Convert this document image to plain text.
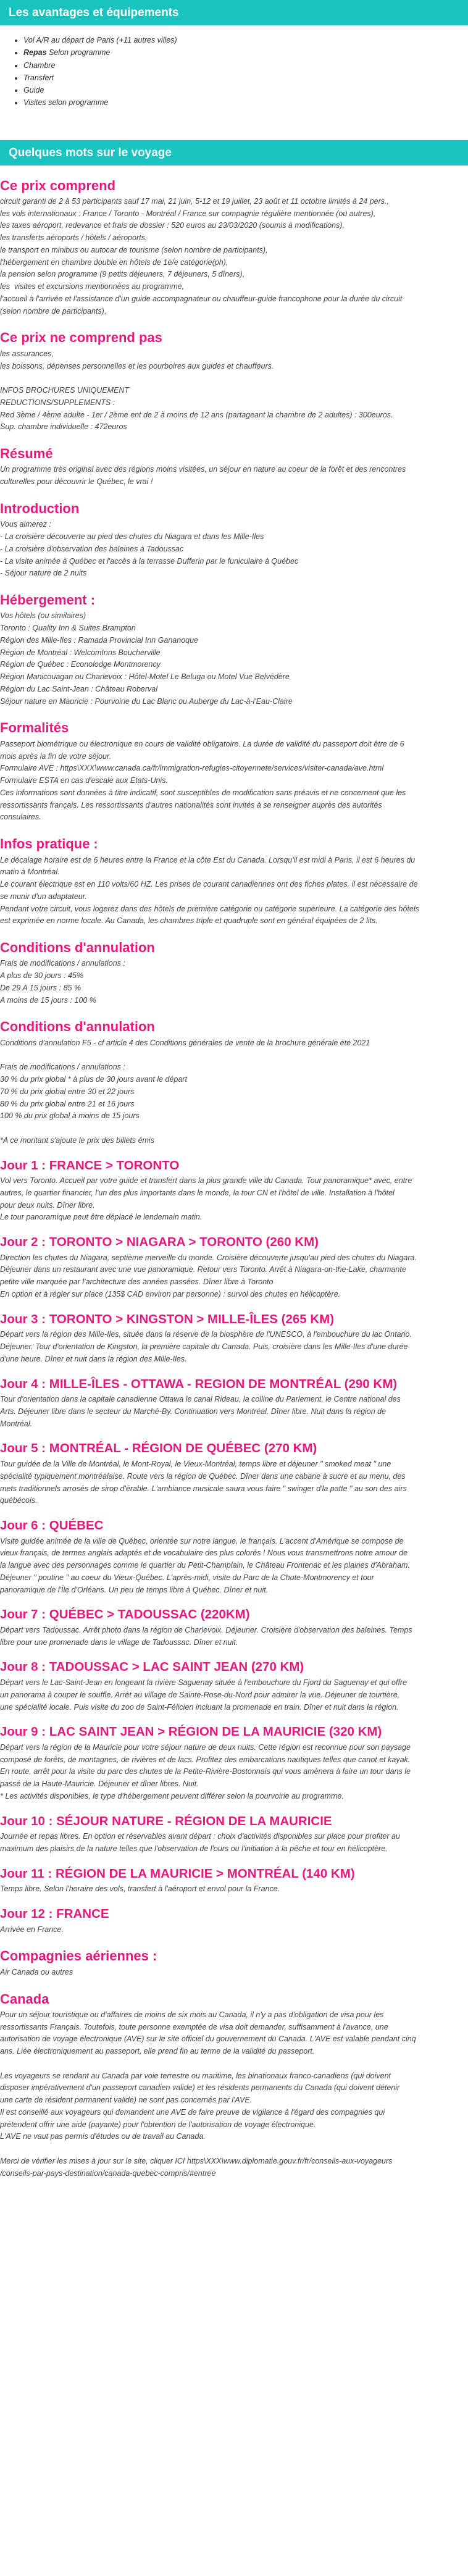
Les avantages et équipements
• Vol A/R au départ de Paris (+11 autres villes)
• Repas Selon programme
• Chambre
• Transfert
• Guide
• Visites selon programme
Quelques mots sur le voyage
Ce prix comprend
circuit garanti de 2 à 53 participants sauf 17 mai, 21 juin, 5-12 et 19 juillet, 23 août et 11 octobre limités à 24 pers.,
les vols internationaux : France / Toronto - Montréal / France sur compagnie régulière mentionnée (ou autres),
les taxes aéroport, redevance et frais de dossier : 520 euros au 23/03/2020 (soumis à modifications),
les transferts aéroports / hôtels / aéroports,
le transport en minibus ou autocar de tourisme (selon nombre de participants),
l'hébergement en chambre double en hôtels de 1è/e catégorie(ph),
la pension selon programme (9 petits déjeuners, 7 déjeuners, 5 dîners),
les  visites et excursions mentionnées au programme,
l'accueil à l'arrivée et l'assistance d'un guide accompagnateur ou chauffeur-guide francophone pour la durée du circuit
(selon nombre de participants),
Ce prix ne comprend pas
les assurances,
les boissons, dépenses personnelles et les pourboires aux guides et chauffeurs.

INFOS BROCHURES UNIQUEMENT
REDUCTIONS/SUPPLEMENTS :
Red 3ème / 4ème adulte - 1er / 2ème ent de 2 à moins de 12 ans (partageant la chambre de 2 adultes) : 300euros.
Sup. chambre individuelle : 472euros
Résumé
Un programme très original avec des régions moins visitées, un séjour en nature au coeur de la forêt et des rencontres
culturelles pour découvrir le Québec, le vrai !
Introduction
Vous aimerez :
- La croisière découverte au pied des chutes du Niagara et dans les Mille-Iles
- La croisière d'observation des baleines à Tadoussac
- La visite animée à Québec et l'accès à la terrasse Dufferin par le funiculaire à Québec
- Séjour nature de 2 nuits
Hébergement :
Vos hôtels (ou similaires)
Toronto : Quality Inn & Suites Brampton
Région des Mille-Iles : Ramada Provincial Inn Gananoque
Région de Montréal : WelcomInns Boucherville
Région de Québec : Econolodge Montmorency
Région Manicouagan ou Charlevoix : Hôtel-Motel Le Beluga ou Motel Vue Belvédère
Région du Lac Saint-Jean : Château Roberval
Séjour nature en Mauricie : Pourvoirie du Lac Blanc ou Auberge du Lac-à-l'Eau-Claire
Formalités
Passeport biométrique ou électronique en cours de validité obligatoire. La durée de validité du passeport doit être de 6
mois après la fin de votre séjour.
Formulaire AVE : https\XXX\www.canada.ca/fr/immigration-refugies-citoyennete/services/visiter-canada/ave.html
Formulaire ESTA en cas d'escale aux Etats-Unis.
Ces informations sont données à titre indicatif, sont susceptibles de modification sans préavis et ne concernent que les
ressortissants français. Les ressortissants d'autres nationalités sont invités à se renseigner auprès des autorités
consulaires.
Infos pratique :
Le décalage horaire est de 6 heures entre la France et la côte Est du Canada. Lorsqu'il est midi à Paris, il est 6 heures du
matin à Montréal.
Le courant électrique est en 110 volts/60 HZ. Les prises de courant canadiennes ont des fiches plates, il est nécessaire de
se munir d'un adaptateur.
Pendant votre circuit, vous logerez dans des hôtels de première catégorie ou catégorie supérieure. La catégorie des hôtels
est exprimée en norme locale. Au Canada, les chambres triple et quadruple sont en général équipées de 2 lits.
Conditions d'annulation
Frais de modifications / annulations :
A plus de 30 jours : 45%
De 29 A 15 jours : 85 %
A moins de 15 jours : 100 %
Conditions d'annulation
Conditions d'annulation F5 - cf article 4 des Conditions générales de vente de la brochure générale été 2021

Frais de modifications / annulations :
30 % du prix global * à plus de 30 jours avant le départ
70 % du prix global entre 30 et 22 jours
80 % du prix global entre 21 et 16 jours
100 % du prix global à moins de 15 jours

*A ce montant s'ajoute le prix des billets émis
Jour 1 : FRANCE > TORONTO
Vol vers Toronto. Accueil par votre guide et transfert dans la plus grande ville du Canada. Tour panoramique* avec, entre
autres, le quartier financier, l'un des plus importants dans le monde, la tour CN et l'hôtel de ville. Installation à l'hôtel
pour deux nuits. Dîner libre.
Le tour panoramique peut être déplacé le lendemain matin.
Jour 2 : TORONTO > NIAGARA > TORONTO (260 KM)
Direction les chutes du Niagara, septième merveille du monde. Croisière découverte jusqu'au pied des chutes du Niagara.
Déjeuner dans un restaurant avec une vue panoramique. Retour vers Toronto. Arrêt à Niagara-on-the-Lake, charmante
petite ville marquée par l'architecture des années passées. Dîner libre à Toronto
En option et à régler sur place (135$ CAD environ par personne) : survol des chutes en hélicoptère.
Jour 3 : TORONTO > KINGSTON > MILLE-ÎLES (265 KM)
Départ vers la région des Mille-Iles, située dans la réserve de la biosphère de l'UNESCO, à l'embouchure du lac Ontario.
Déjeuner. Tour d'orientation de Kingston, la première capitale du Canada. Puis, croisière dans les Mille-Iles d'une durée
d'une heure. Dîner et nuit dans la région des Mille-Iles.
Jour 4 : MILLE-ÎLES - OTTAWA - REGION DE MONTRÉAL (290 KM)
Tour d'orientation dans la capitale canadienne Ottawa le canal Rideau, la colline du Parlement, le Centre national des
Arts. Déjeuner libre dans le secteur du Marché-By. Continuation vers Montréal. Dîner libre. Nuit dans la région de
Montréal.
Jour 5 : MONTRÉAL - RÉGION DE QUÉBEC (270 KM)
Tour guidée de la Ville de Montréal, le Mont-Royal, le Vieux-Montréal, temps libre et déjeuner " smoked meat " une
spécialité typiquement montréalaise. Route vers la région de Québec. Dîner dans une cabane à sucre et au menu, des
mets traditionnels arrosés de sirop d'érable. L'ambiance musicale saura vous faire " swinger d'la patte " au son des airs
québécois.
Jour 6 : QUÉBEC
Visite guidée animée de la ville de Québec, orientée sur notre langue, le français. L'accent d'Amérique se compose de
vieux français, de termes anglais adaptés et de vocabulaire des plus colorés ! Nous vous transmettrons notre amour de
la langue avec des personnages comme le quartier du Petit-Champlain, le Château Frontenac et les plaines d'Abraham.
Déjeuner " poutine " au coeur du Vieux-Québec. L'après-midi, visite du Parc de la Chute-Montmorency et tour
panoramique de l'Île d'Orléans. Un peu de temps libre à Québec. Dîner et nuit.
Jour 7 : QUÉBEC > TADOUSSAC (220KM)
Départ vers Tadoussac. Arrêt photo dans la région de Charlevoix. Déjeuner. Croisière d'observation des baleines. Temps
libre pour une promenade dans le village de Tadoussac. Dîner et nuit.
Jour 8 : TADOUSSAC > LAC SAINT JEAN (270 KM)
Départ vers le Lac-Saint-Jean en longeant la rivière Saguenay située à l'embouchure du Fjord du Saguenay et qui offre
un panorama à couper le souffle. Arrêt au village de Sainte-Rose-du-Nord pour admirer la vue. Déjeuner de tourtière,
une spécialité locale. Puis visite du zoo de Saint-Félicien incluant la promenade en train. Dîner et nuit dans la région.
Jour 9 : LAC SAINT JEAN > RÉGION DE LA MAURICIE (320 KM)
Départ vers la région de la Mauricie pour votre séjour nature de deux nuits. Cette région est reconnue pour son paysage
composé de forêts, de montagnes, de rivières et de lacs. Profitez des embarcations nautiques telles que canot et kayak.
En route, arrêt pour la visite du parc des chutes de la Petite-Rivière-Bostonnais qui vous amènera à faire un tour dans le
passé de la Haute-Mauricie. Déjeuner et dîner libres. Nuit.
* Les activités disponibles, le type d'hébergement peuvent différer selon la pourvoirie au programme.
Jour 10 : SÉJOUR NATURE - RÉGION DE LA MAURICIE
Journée et repas libres. En option et réservables avant départ : choix d'activités disponibles sur place pour profiter au
maximum des plaisirs de la nature telles que l'observation de l'ours ou l'initiation à la pêche et tour en hélicoptère.
Jour 11 : RÉGION DE LA MAURICIE > MONTRÉAL (140 KM)
Temps libre. Selon l'horaire des vols, transfert à l'aéroport et envol pour la France.
Jour 12 : FRANCE
Arrivée en France.
Compagnies aériennes :
Air Canada ou autres
Canada
Pour un séjour touristique ou d'affaires de moins de six mois au Canada, il n'y a pas d'obligation de visa pour les
ressortissants Français. Toutefois, toute personne exemptée de visa doit demander, suffisamment à l'avance, une
autorisation de voyage électronique (AVE) sur le site officiel du gouvernement du Canada. L'AVE est valable pendant cinq
ans. Liée électroniquement au passeport, elle prend fin au terme de la validité du passeport.

Les voyageurs se rendant au Canada par voie terrestre ou maritime, les binationaux franco-canadiens (qui doivent
disposer impérativement d'un passeport canadien valide) et les résidents permanents du Canada (qui doivent détenir
une carte de résident permanent valide) ne sont pas concernés par l'AVE.
Il est conseillé aux voyageurs qui demandent une AVE de faire preuve de vigilance à l'égard des compagnies qui
prétendent offrir une aide (payante) pour l'obtention de l'autorisation de voyage électronique.
L'AVE ne vaut pas permis d'études ou de travail au Canada.

Merci de vérifier les mises à jour sur le site, cliquer ICI https\XXX\www.diplomatie.gouv.fr/fr/conseils-aux-voyageurs
/conseils-par-pays-destination/canada-quebec-compris/#entree
